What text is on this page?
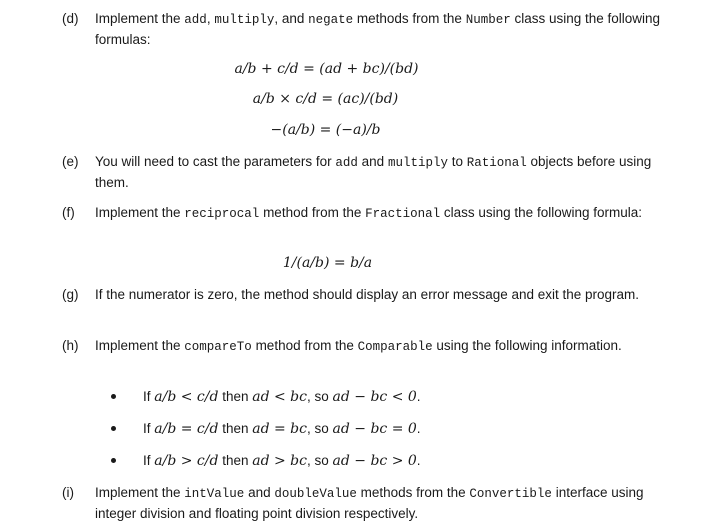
(d) Implement the add, multiply, and negate methods from the Number class using the following formulas:
a/b + c/d = (ad + bc)/(bd)
a/b × c/d = (ac)/(bd)
−(a/b) = (−a)/b
(e) You will need to cast the parameters for add and multiply to Rational objects before using them.
(f) Implement the reciprocal method from the Fractional class using the following formula:
1/(a/b) = b/a
(g) If the numerator is zero, the method should display an error message and exit the program.
(h) Implement the compareTo method from the Comparable using the following information.
If a/b < c/d then ad < bc, so ad − bc < 0.
If a/b = c/d then ad = bc, so ad − bc = 0.
If a/b > c/d then ad > bc, so ad − bc > 0.
(i) Implement the intValue and doubleValue methods from the Convertible interface using integer division and floating point division respectively.
